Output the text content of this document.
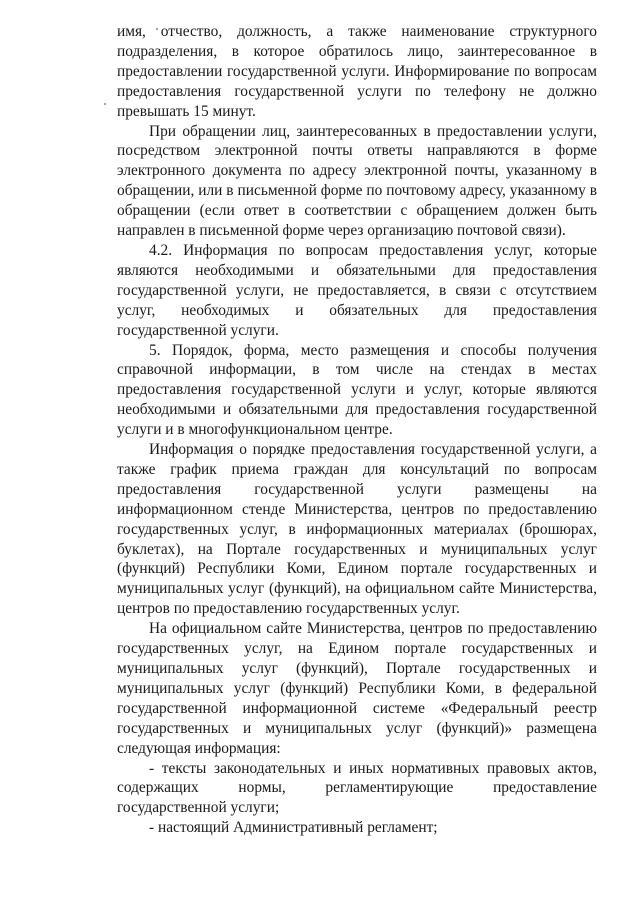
имя, отчество, должность, а также наименование структурного подразделения, в которое обратилось лицо, заинтересованное в предоставлении государственной услуги. Информирование по вопросам предоставления государственной услуги по телефону не должно превышать 15 минут.

При обращении лиц, заинтересованных в предоставлении услуги, посредством электронной почты ответы направляются в форме электронного документа по адресу электронной почты, указанному в обращении, или в письменной форме по почтовому адресу, указанному в обращении (если ответ в соответствии с обращением должен быть направлен в письменной форме через организацию почтовой связи).

4.2. Информация по вопросам предоставления услуг, которые являются необходимыми и обязательными для предоставления государственной услуги, не предоставляется, в связи с отсутствием услуг, необходимых и обязательных для предоставления государственной услуги.

5. Порядок, форма, место размещения и способы получения справочной информации, в том числе на стендах в местах предоставления государственной услуги и услуг, которые являются необходимыми и обязательными для предоставления государственной услуги и в многофункциональном центре.

Информация о порядке предоставления государственной услуги, а также график приема граждан для консультаций по вопросам предоставления государственной услуги размещены на информационном стенде Министерства, центров по предоставлению государственных услуг, в информационных материалах (брошюрах, буклетах), на Портале государственных и муниципальных услуг (функций) Республики Коми, Едином портале государственных и муниципальных услуг (функций), на официальном сайте Министерства, центров по предоставлению государственных услуг.

На официальном сайте Министерства, центров по предоставлению государственных услуг, на Едином портале государственных и муниципальных услуг (функций), Портале государственных и муниципальных услуг (функций) Республики Коми, в федеральной государственной информационной системе «Федеральный реестр государственных и муниципальных услуг (функций)» размещена следующая информация:

- тексты законодательных и иных нормативных правовых актов, содержащих нормы, регламентирующие предоставление государственной услуги;

- настоящий Административный регламент;
